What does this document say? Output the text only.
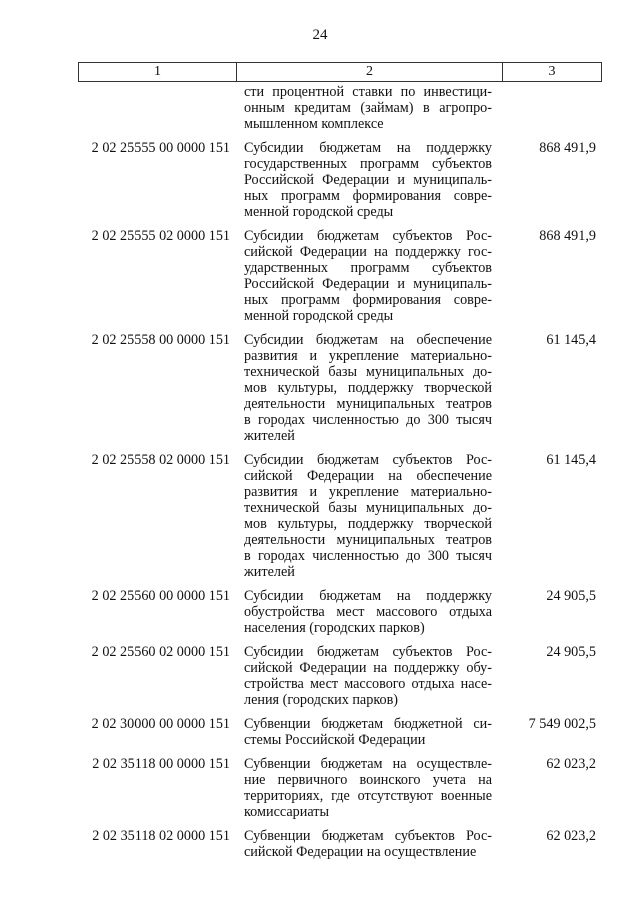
24
1	2	3
сти процентной ставки по инвестици-
онным кредитам (займам) в агропро-
мышленном комплексе
2 02 25555 00 0000 151 Субсидии бюджетам на поддержку
государственных программ субъектов
Российской Федерации и муниципаль-
ных программ формирования совре-
менной городской среды
868 491,9
2 02 25555 02 0000 151 Субсидии бюджетам субъектов Рос-
сийской Федерации на поддержку гос-
ударственных программ субъектов
Российской Федерации и муниципаль-
ных программ формирования совре-
менной городской среды
868 491,9
2 02 25558 00 0000 151 Субсидии бюджетам на обеспечение
развития и укрепление материально-
технической базы муниципальных до-
мов культуры, поддержку творческой
деятельности муниципальных театров
в городах численностью до 300 тысяч
жителей
61 145,4
2 02 25558 02 0000 151 Субсидии бюджетам субъектов Рос-
сийской Федерации на обеспечение
развития и укрепление материально-
технической базы муниципальных до-
мов культуры, поддержку творческой
деятельности муниципальных театров
в городах численностью до 300 тысяч
жителей
61 145,4
2 02 25560 00 0000 151 Субсидии бюджетам на поддержку
обустройства мест массового отдыха
населения (городских парков)
24 905,5
2 02 25560 02 0000 151 Субсидии бюджетам субъектов Рос-
сийской Федерации на поддержку обу-
стройства мест массового отдыха насе-
ления (городских парков)
24 905,5
2 02 30000 00 0000 151 Субвенции бюджетам бюджетной си-
стемы Российской Федерации
7 549 002,5
2 02 35118 00 0000 151 Субвенции бюджетам на осуществле-
ние первичного воинского учета на
территориях, где отсутствуют военные
комиссариаты
62 023,2
2 02 35118 02 0000 151 Субвенции бюджетам субъектов Рос-
сийской Федерации на осуществление
62 023,2
